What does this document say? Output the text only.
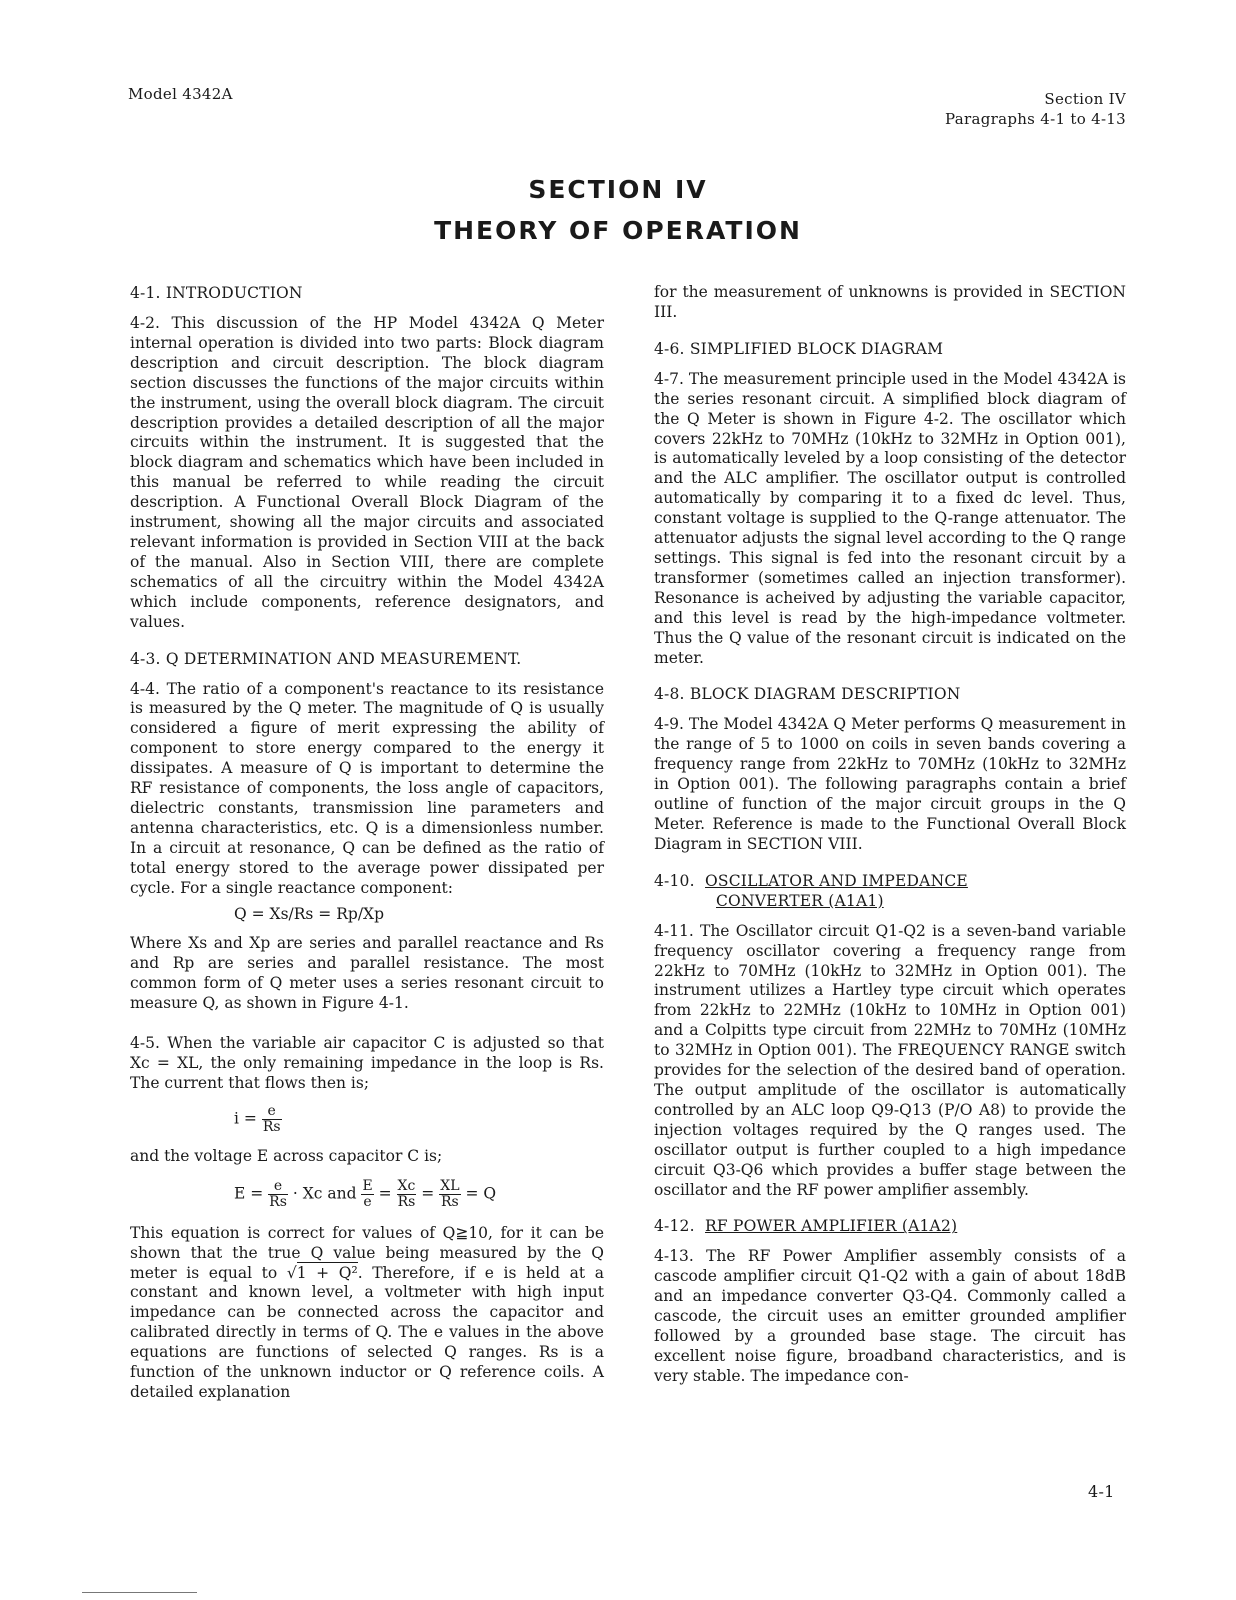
Model 4342A	Section IV
Paragraphs 4-1 to 4-13
SECTION IV
THEORY OF OPERATION
4-1. INTRODUCTION

4-2. This discussion of the HP Model 4342A Q Meter internal operation is divided into two parts: Block diagram description and circuit description. The block diagram section discusses the functions of the major circuits within the instrument, using the overall block diagram. The circuit description provides a detailed description of all the major circuits within the instrument. It is suggested that the block diagram and schematics which have been included in this manual be referred to while reading the circuit description. A Functional Overall Block Diagram of the instrument, showing all the major circuits and associated relevant information is provided in Section VIII at the back of the manual. Also in Section VIII, there are complete schematics of all the circuitry within the Model 4342A which include components, reference designators, and values.

4-3. Q DETERMINATION AND MEASUREMENT.

4-4. The ratio of a component's reactance to its resistance is measured by the Q meter. The magnitude of Q is usually considered a figure of merit expressing the ability of component to store energy compared to the energy it dissipates. A measure of Q is important to determine the RF resistance of components, the loss angle of capacitors, dielectric constants, transmission line parameters and antenna characteristics, etc. Q is a dimensionless number. In a circuit at resonance, Q can be defined as the ratio of total energy stored to the average power dissipated per cycle. For a single reactance component:

Q = Xs/Rs = Rp/Xp

Where Xs and Xp are series and parallel reactance and Rs and Rp are series and parallel resistance. The most common form of Q meter uses a series resonant circuit to measure Q, as shown in Figure 4-1.

4-5. When the variable air capacitor C is adjusted so that Xc = XL, the only remaining impedance in the loop is Rs. The current that flows then is;

$i = \frac{e}{Rs}$

and the voltage E across capacitor C is;

$E = \frac{e}{Rs} \cdot Xc$ and $\frac{E}{e} = \frac{Xc}{Rs} = \frac{XL}{Rs} = Q$

This equation is correct for values of Q≧10, for it can be shown that the true Q value being measured by the Q meter is equal to √1 + Q². Therefore, if e is held at a constant and known level, a voltmeter with high input impedance can be connected across the capacitor and calibrated directly in terms of Q. The e values in the above equations are functions of selected Q ranges. Rs is a function of the unknown inductor or Q reference coils. A detailed explanation

for the measurement of unknowns is provided in SECTION III.

4-6. SIMPLIFIED BLOCK DIAGRAM

4-7. The measurement principle used in the Model 4342A is the series resonant circuit. A simplified block diagram of the Q Meter is shown in Figure 4-2. The oscillator which covers 22kHz to 70MHz (10kHz to 32MHz in Option 001), is automatically leveled by a loop consisting of the detector and the ALC amplifier. The oscillator output is controlled automatically by comparing it to a fixed dc level. Thus, constant voltage is supplied to the Q-range attenuator. The attenuator adjusts the signal level according to the Q range settings. This signal is fed into the resonant circuit by a transformer (sometimes called an injection transformer). Resonance is acheived by adjusting the variable capacitor, and this level is read by the high-impedance voltmeter. Thus the Q value of the resonant circuit is indicated on the meter.

4-8. BLOCK DIAGRAM DESCRIPTION

4-9. The Model 4342A Q Meter performs Q measurement in the range of 5 to 1000 on coils in seven bands covering a frequency range from 22kHz to 70MHz (10kHz to 32MHz in Option 001). The following paragraphs contain a brief outline of function of the major circuit groups in the Q Meter. Reference is made to the Functional Overall Block Diagram in SECTION VIII.

4-10. OSCILLATOR AND IMPEDANCE
CONVERTER (A1A1)

4-11. The Oscillator circuit Q1-Q2 is a seven-band variable frequency oscillator covering a frequency range from 22kHz to 70MHz (10kHz to 32MHz in Option 001). The instrument utilizes a Hartley type circuit which operates from 22kHz to 22MHz (10kHz to 10MHz in Option 001) and a Colpitts type circuit from 22MHz to 70MHz (10MHz to 32MHz in Option 001). The FREQUENCY RANGE switch provides for the selection of the desired band of operation. The output amplitude of the oscillator is automatically controlled by an ALC loop Q9-Q13 (P/O A8) to provide the injection voltages required by the Q ranges used. The oscillator output is further coupled to a high impedance circuit Q3-Q6 which provides a buffer stage between the oscillator and the RF power amplifier assembly.

4-12. RF POWER AMPLIFIER (A1A2)

4-13. The RF Power Amplifier assembly consists of a cascode amplifier circuit Q1-Q2 with a gain of about 18dB and an impedance converter Q3-Q4. Commonly called a cascode, the circuit uses an emitter grounded amplifier followed by a grounded base stage. The circuit has excellent noise figure, broadband characteristics, and is very stable. The impedance con-

4-1
